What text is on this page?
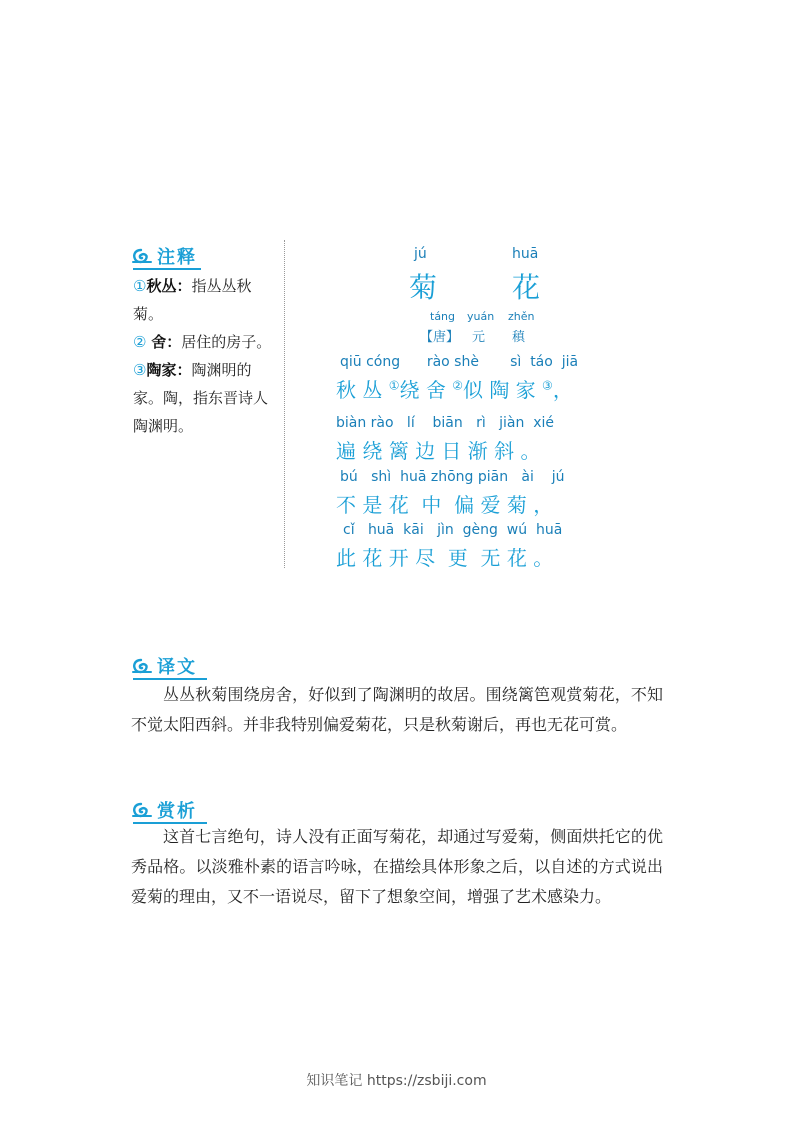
注释

①秋丛：指丛丛秋菊。

② 舍：居住的房子。

③陶家：陶渊明的家。陶，指东晋诗人陶渊明。

jú	huā
菊	花
táng yuán zhěn
【唐】 元 稹
qiū cóng      rào shè       sì  táo  jiā
秋 丛 ①绕 舍 ②似 陶 家 ③，
biàn rào   lí    biān   rì   jiàn  xié
遍 绕 篱 边 日 渐 斜 。
bú   shì  huā zhōng piān   ài    jú
不 是 花  中  偏 爱 菊 ，
cǐ   huā  kāi   jìn  gèng  wú  huā
此 花 开 尽  更  无 花 。
译文
丛丛秋菊围绕房舍，好似到了陶渊明的故居。围绕篱笆观赏菊花，不知不觉太阳西斜。并非我特别偏爱菊花，只是秋菊谢后，再也无花可赏。
赏析
这首七言绝句，诗人没有正面写菊花，却通过写爱菊，侧面烘托它的优秀品格。以淡雅朴素的语言吟咏，在描绘具体形象之后，以自述的方式说出爱菊的理由，又不一语说尽，留下了想象空间，增强了艺术感染力。
知识笔记 https://zsbiji.com
